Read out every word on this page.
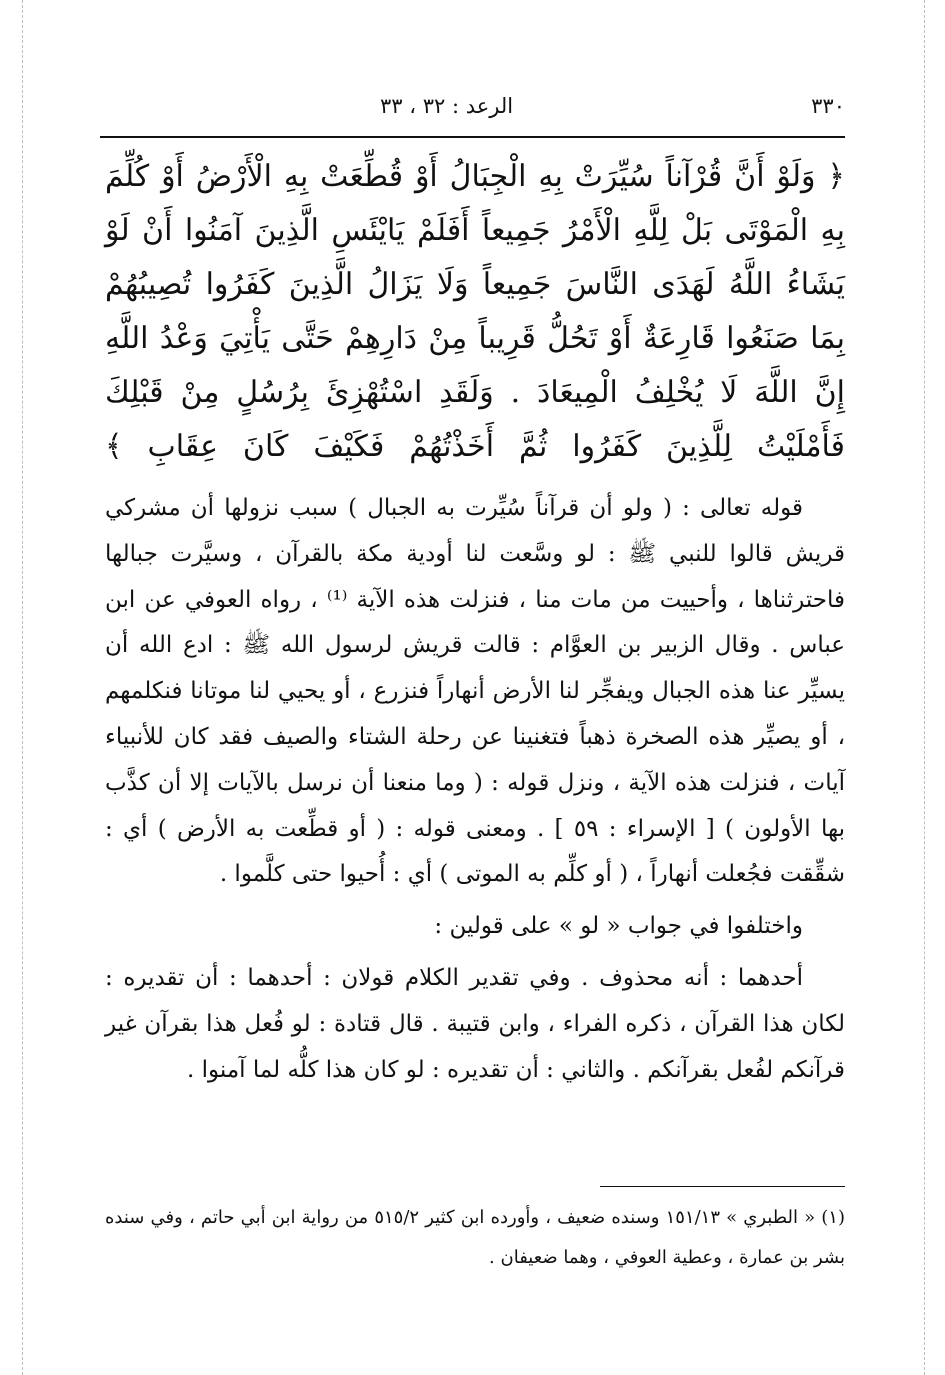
٣٣٠
الرعد : ٣٢ ، ٣٣
﴿ وَلَوْ أَنَّ قُرْآناً سُيِّرَتْ بِهِ الْجِبَالُ أَوْ قُطِّعَتْ بِهِ الْأَرْضُ أَوْ كُلِّمَ بِهِ الْمَوْتَى بَلْ لِلَّهِ الْأَمْرُ جَمِيعاً أَفَلَمْ يَايْئَسِ الَّذِينَ آمَنُوا أَنْ لَوْ يَشَاءُ اللَّهُ لَهَدَى النَّاسَ جَمِيعاً وَلَا يَزَالُ الَّذِينَ كَفَرُوا تُصِيبُهُمْ بِمَا صَنَعُوا قَارِعَةٌ أَوْ تَحُلُّ قَرِيباً مِنْ دَارِهِمْ حَتَّى يَأْتِيَ وَعْدُ اللَّهِ إِنَّ اللَّهَ لَا يُخْلِفُ الْمِيعَادَ . وَلَقَدِ اسْتُهْزِئَ بِرُسُلٍ مِنْ قَبْلِكَ فَأَمْلَيْتُ لِلَّذِينَ كَفَرُوا ثُمَّ أَخَذْتُهُمْ فَكَيْفَ كَانَ عِقَابِ ﴾

قوله تعالى : ( ولو أن قرآناً سُيِّرت به الجبال ) سبب نزولها أن مشركي قريش قالوا للنبي ﷺ : لو وسَّعت لنا أودية مكة بالقرآن ، وسيَّرت جبالها فاحترثناها ، وأحييت من مات منا ، فنزلت هذه الآية ⁽¹⁾ ، رواه العوفي عن ابن عباس . وقال الزبير بن العوَّام : قالت قريش لرسول الله ﷺ : ادع الله أن يسيِّر عنا هذه الجبال ويفجِّر لنا الأرض أنهاراً فنزرع ، أو يحيي لنا موتانا فنكلمهم ، أو يصيِّر هذه الصخرة ذهباً فتغنينا عن رحلة الشتاء والصيف فقد كان للأنبياء آيات ، فنزلت هذه الآية ، ونزل قوله : ( وما منعنا أن نرسل بالآيات إلا أن كذَّب بها الأولون ) [ الإسراء : ٥٩ ] . ومعنى قوله : ( أو قطِّعت به الأرض ) أي : شقِّقت فجُعلت أنهاراً ، ( أو كلِّم به الموتى ) أي : أُحيوا حتى كلَّموا .

واختلفوا في جواب « لو » على قولين :

أحدهما : أنه محذوف . وفي تقدير الكلام قولان : أحدهما : أن تقديره : لكان هذا القرآن ، ذكره الفراء ، وابن قتيبة . قال قتادة : لو فُعل هذا بقرآن غير قرآنكم لفُعل بقرآنكم . والثاني : أن تقديره : لو كان هذا كلُّه لما آمنوا .

(١) « الطبري » ١٥١/١٣ وسنده ضعيف ، وأورده ابن كثير ٥١٥/٢ من رواية ابن أبي حاتم ، وفي سنده بشر بن عمارة ، وعطية العوفي ، وهما ضعيفان .
